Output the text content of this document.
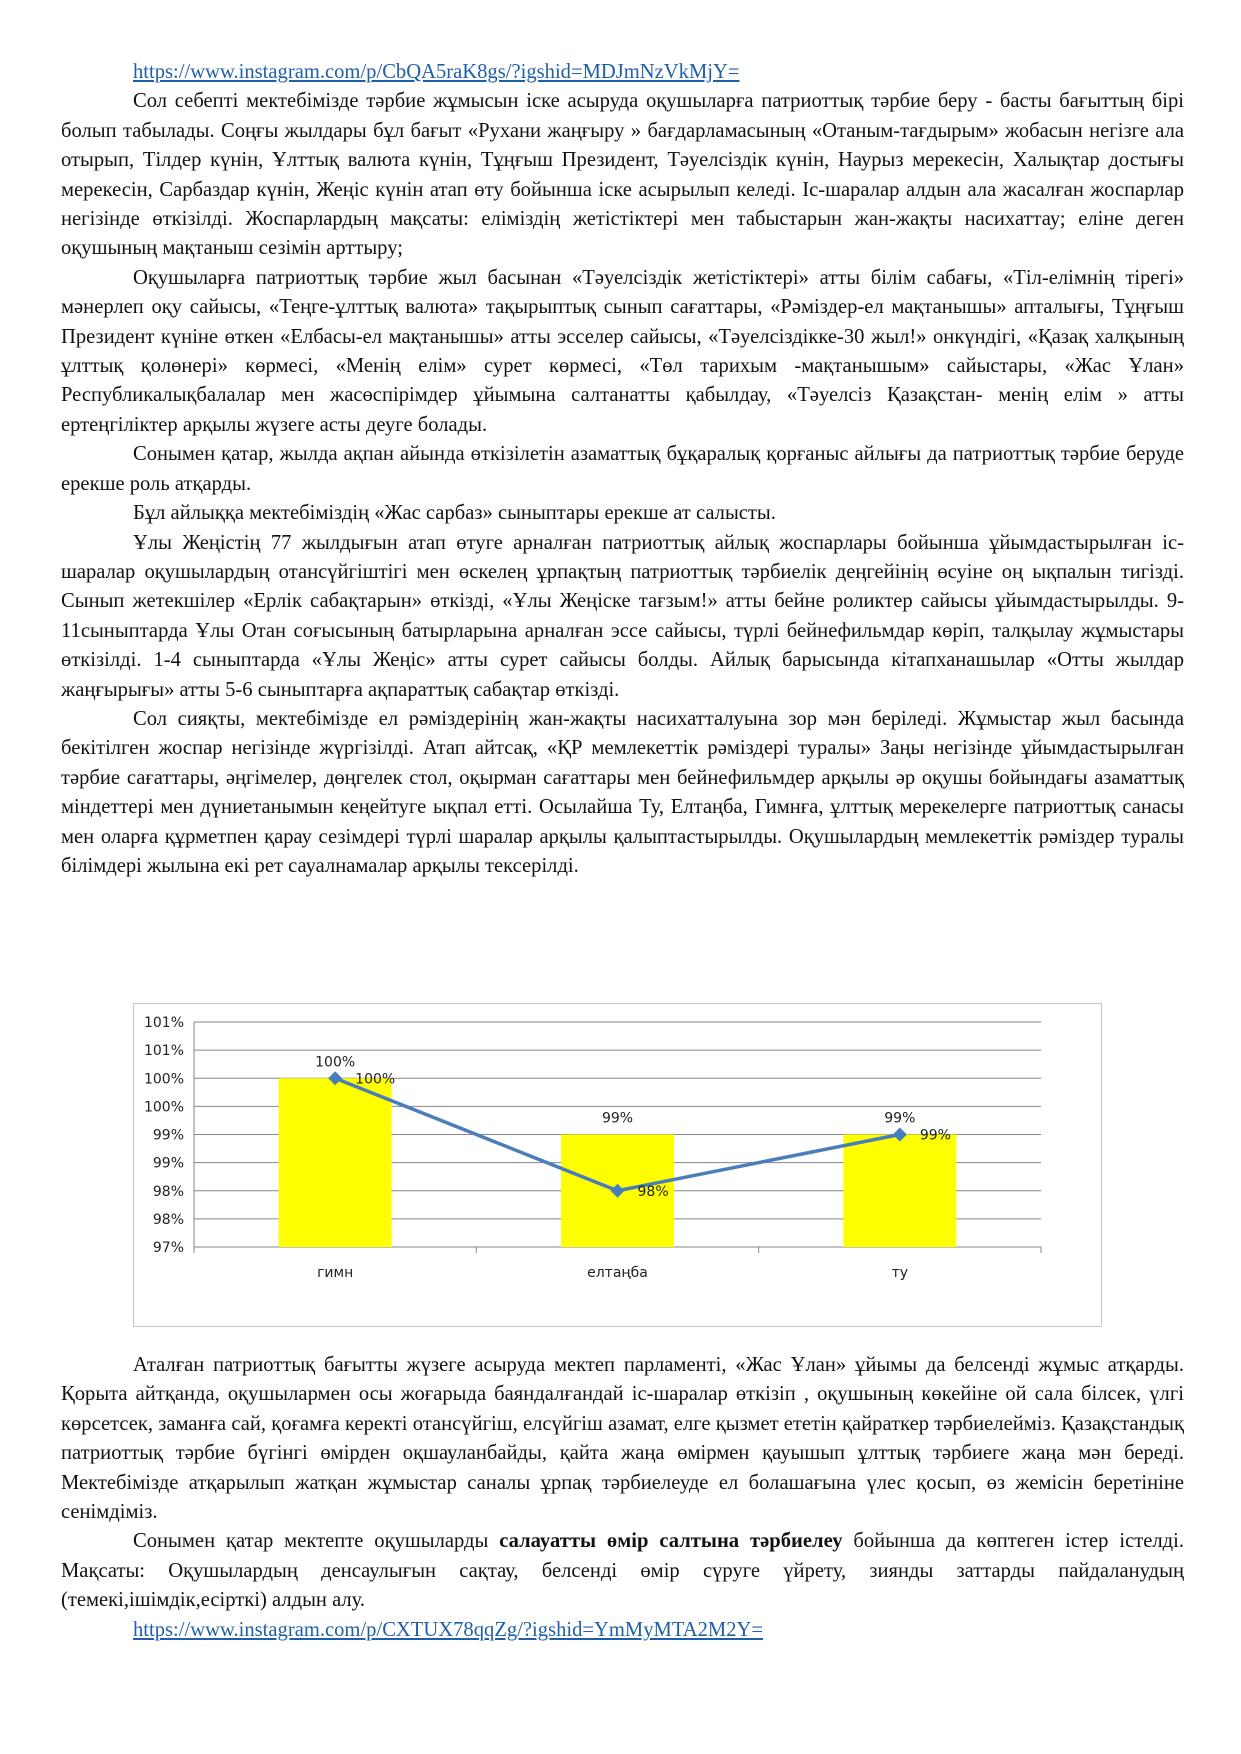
https://www.instagram.com/p/CbQA5raK8gs/?igshid=MDJmNzVkMjY=

Сол себепті мектебімізде тәрбие жұмысын іске асыруда оқушыларға патриоттық тәрбие беру - басты бағыттың бірі болып табылады. Соңғы жылдары бұл бағыт «Рухани жаңғыру » бағдарламасының «Отаным-тағдырым» жобасын негізге ала отырып, Тілдер күнін, Ұлттық валюта күнін, Тұңғыш Президент, Тәуелсіздік күнін, Наурыз мерекесін, Халықтар достығы мерекесін, Сарбаздар күнін, Жеңіс күнін атап өту бойынша іске асырылып келеді. Іс-шаралар алдын ала жасалған жоспарлар негізінде өткізілді. Жоспарлардың мақсаты: еліміздің жетістіктері мен табыстарын жан-жақты насихаттау; еліне деген оқушының мақтаныш сезімін арттыру;

Оқушыларға патриоттық тәрбие жыл басынан «Тәуелсіздік жетістіктері» атты білім сабағы, «Тіл-елімнің тірегі» мәнерлеп оқу сайысы, «Теңге-ұлттық валюта» тақырыптық сынып сағаттары, «Рәміздер-ел мақтанышы» апталығы, Тұңғыш Президент күніне өткен «Елбасы-ел мақтанышы» атты эсселер сайысы, «Тәуелсіздікке-30 жыл!» онкүндігі, «Қазақ халқының ұлттық қолөнері» көрмесі, «Менің елім» сурет көрмесі, «Төл тарихым -мақтанышым» сайыстары, «Жас Ұлан» Республикалықбалалар мен жасөспірімдер ұйымына салтанатты қабылдау, «Тәуелсіз Қазақстан- менің елім » атты ертеңгіліктер арқылы жүзеге асты деуге болады.

Сонымен қатар, жылда ақпан айында өткізілетін азаматтық бұқаралық қорғаныс айлығы да патриоттық тәрбие беруде ерекше роль атқарды.

Бұл айлыққа мектебіміздің «Жас сарбаз» сыныптары ерекше ат салысты.

Ұлы Жеңістің 77 жылдығын атап өтуге арналған патриоттық айлық жоспарлары бойынша ұйымдастырылған іс-шаралар оқушылардың отансүйгіштігі мен өскелең ұрпақтың патриоттық тәрбиелік деңгейінің өсуіне оң ықпалын тигізді. Сынып жетекшілер «Ерлік сабақтарын» өткізді, «Ұлы Жеңіске тағзым!» атты бейне роликтер сайысы ұйымдастырылды. 9-11сыныптарда Ұлы Отан соғысының батырларына арналған эссе сайысы, түрлі бейнефильмдар көріп, талқылау жұмыстары өткізілді. 1-4 сыныптарда «Ұлы Жеңіс» атты сурет сайысы болды. Айлық барысында кітапханашылар «Отты жылдар жаңғырығы» атты 5-6 сыныптарға ақпараттық сабақтар өткізді.

Сол сияқты, мектебімізде ел рәміздерінің жан-жақты насихатталуына зор мән беріледі. Жұмыстар жыл басында бекітілген жоспар негізінде жүргізілді. Атап айтсақ, «ҚР мемлекеттік рәміздері туралы» Заңы негізінде ұйымдастырылған тәрбие сағаттары, әңгімелер, дөңгелек стол, оқырман сағаттары мен бейнефильмдер арқылы әр оқушы бойындағы азаматтық міндеттері мен дүниетанымын кеңейтуге ықпал етті. Осылайша Ту, Елтаңба, Гимнға, ұлттық мерекелерге патриоттық санасы мен оларға құрметпен қарау сезімдері түрлі шаралар арқылы қалыптастырылды. Оқушылардың мемлекеттік рәміздер туралы білімдері жылына екі рет сауалнамалар арқылы тексерілді.

97%
98%
98%
99%
99%
100%
100%
101%
101%
100%
99%	99%
100%
98%
99%
гимн	елтаңба	ту

Аталған патриоттық бағытты жүзеге асыруда мектеп парламенті, «Жас Ұлан» ұйымы да белсенді жұмыс атқарды. Қорыта айтқанда, оқушылармен осы жоғарыда баяндалғандай іс-шаралар өткізіп , оқушының көкейіне ой сала білсек, үлгі көрсетсек, заманға сай, қоғамға керекті отансүйгіш, елсүйгіш азамат, елге қызмет ететін қайраткер тәрбиелейміз. Қазақстандық патриоттық тәрбие бүгінгі өмірден оқшауланбайды, қайта жаңа өмірмен қауышып ұлттық тәрбиеге жаңа мән береді. Мектебімізде атқарылып жатқан жұмыстар саналы ұрпақ тәрбиелеуде ел болашағына үлес қосып, өз жемісін беретініне сенімдіміз.

Сонымен қатар мектепте оқушыларды салауатты өмір салтына тәрбиелеу бойынша да көптеген істер істелді. Мақсаты: Оқушылардың денсаулығын сақтау, белсенді өмір сүруге үйрету, зиянды заттарды пайдаланудың (темекі,ішімдік,есірткі) алдын алу.

https://www.instagram.com/p/CXTUX78qqZg/?igshid=YmMyMTA2M2Y=
